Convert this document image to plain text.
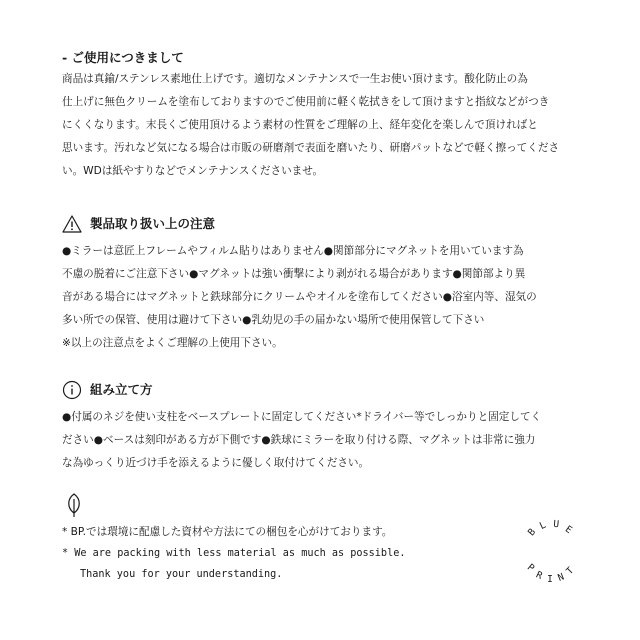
- ご使用につきまして
商品は真鍮/ステンレス素地仕上げです。適切なメンテナンスで一生お使い頂けます。酸化防止の為
仕上げに無色クリームを塗布しておりますのでご使用前に軽く乾拭きをして頂けますと指紋などがつき
にくくなります。末長くご使用頂けるよう素材の性質をご理解の上、経年変化を楽しんで頂ければと
思います。汚れなど気になる場合は市販の研磨剤で表面を磨いたり、研磨パットなどで軽く擦ってくださ
い。WDは紙やすりなどでメンテナンスくださいませ。
製品取り扱い上の注意
●ミラーは意匠上フレームやフィルム貼りはありません●関節部分にマグネットを用いています為
不慮の脱着にご注意下さい●マグネットは強い衝撃により剥がれる場合があります●関節部より異
音がある場合にはマグネットと鉄球部分にクリームやオイルを塗布してください●浴室内等、湿気の
多い所での保管、使用は避けて下さい●乳幼児の手の届かない場所で使用保管して下さい
※以上の注意点をよくご理解の上使用下さい。
組み立て方
●付属のネジを使い支柱をベースプレートに固定してください*ドライバー等でしっかりと固定してく
ださい●ベースは刻印がある方が下側です●鉄球にミラーを取り付ける際、マグネットは非常に強力
な為ゆっくり近づけ手を添えるように優しく取付けてください。
* BP.では環境に配慮した資材や方法にての梱包を心がけております。
* We are packing with less material as much as possible.
Thank you for your understanding.
B
L U E
P
R I N
T
